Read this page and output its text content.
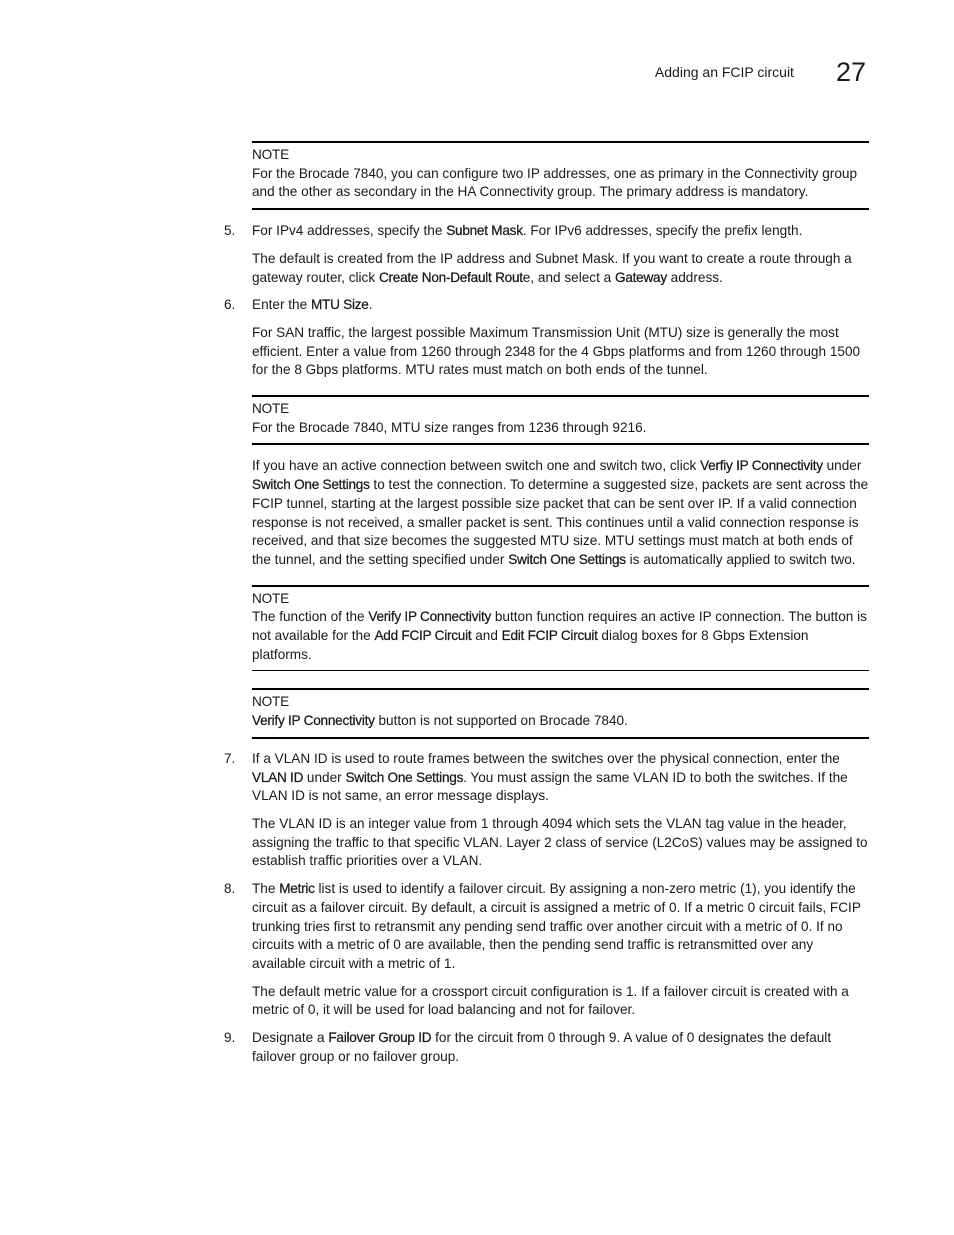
Adding an FCIP circuit 27
NOTE

For the Brocade 7840, you can configure two IP addresses, one as primary in the Connectivity group and the other as secondary in the HA Connectivity group. The primary address is mandatory.

5. For IPv4 addresses, specify the Subnet Mask. For IPv6 addresses, specify the prefix length.

The default is created from the IP address and Subnet Mask. If you want to create a route through a gateway router, click Create Non-Default Route, and select a Gateway address.

6. Enter the MTU Size.

For SAN traffic, the largest possible Maximum Transmission Unit (MTU) size is generally the most efficient. Enter a value from 1260 through 2348 for the 4 Gbps platforms and from 1260 through 1500 for the 8 Gbps platforms. MTU rates must match on both ends of the tunnel.

NOTE

For the Brocade 7840, MTU size ranges from 1236 through 9216.

If you have an active connection between switch one and switch two, click Verfiy IP Connectivity under Switch One Settings to test the connection. To determine a suggested size, packets are sent across the FCIP tunnel, starting at the largest possible size packet that can be sent over IP. If a valid connection response is not received, a smaller packet is sent. This continues until a valid connection response is received, and that size becomes the suggested MTU size. MTU settings must match at both ends of the tunnel, and the setting specified under Switch One Settings is automatically applied to switch two.

NOTE

The function of the Verify IP Connectivity button function requires an active IP connection. The button is not available for the Add FCIP Circuit and Edit FCIP Circuit dialog boxes for 8 Gbps Extension platforms.

NOTE

Verify IP Connectivity button is not supported on Brocade 7840.

7. If a VLAN ID is used to route frames between the switches over the physical connection, enter the VLAN ID under Switch One Settings. You must assign the same VLAN ID to both the switches. If the VLAN ID is not same, an error message displays.

The VLAN ID is an integer value from 1 through 4094 which sets the VLAN tag value in the header, assigning the traffic to that specific VLAN. Layer 2 class of service (L2CoS) values may be assigned to establish traffic priorities over a VLAN.

8. The Metric list is used to identify a failover circuit. By assigning a non-zero metric (1), you identify the circuit as a failover circuit. By default, a circuit is assigned a metric of 0. If a metric 0 circuit fails, FCIP trunking tries first to retransmit any pending send traffic over another circuit with a metric of 0. If no circuits with a metric of 0 are available, then the pending send traffic is retransmitted over any available circuit with a metric of 1.

The default metric value for a crossport circuit configuration is 1. If a failover circuit is created with a metric of 0, it will be used for load balancing and not for failover.

9. Designate a Failover Group ID for the circuit from 0 through 9. A value of 0 designates the default failover group or no failover group.
